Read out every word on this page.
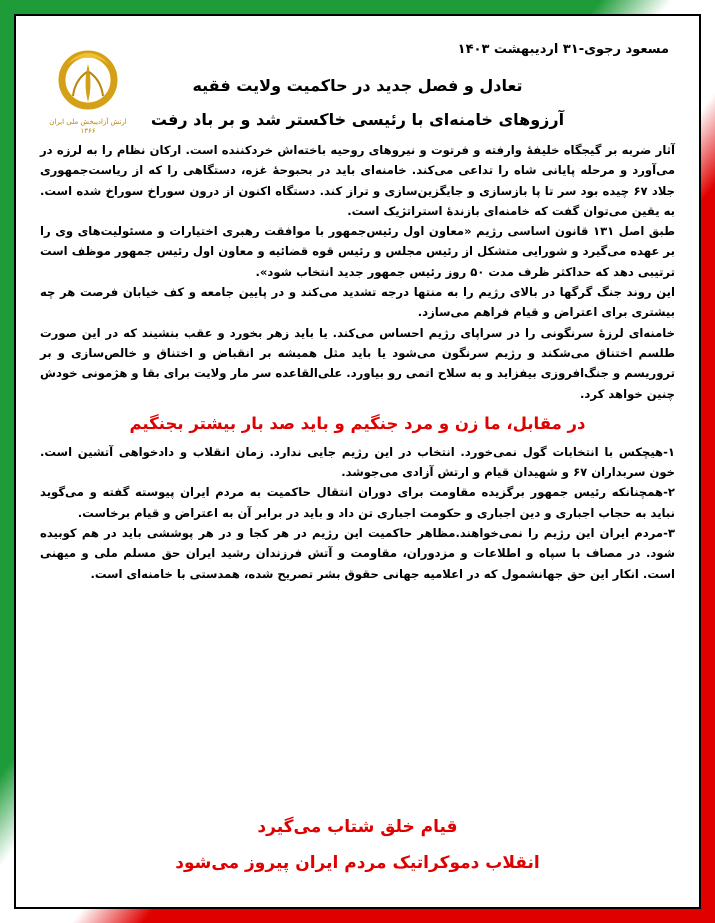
مسعود رجوی-۳۱ اردیبهشت ۱۴۰۳
ارتش آزادیبخش ملی ایران
۱۳۶۶
تعادل و فصل جدید در حاکمیت ولایت فقیه
آرزوهای خامنه‌ای با رئیسی خاکستر شد و بر باد رفت

آثار ضربه بر گیجگاه خلیفهٔ وارفته و فرتوت و نیروهای روحیه باخته‌اش خردکننده است. ارکان نظام را به لرزه در می‌آورد و مرحله پایانی شاه را تداعی می‌کند. خامنه‌ای باید در بحبوحهٔ غزه، دستگاهی را که از ریاست‌جمهوری جلاد ۶۷ چیده بود سر تا پا بازسازی و جایگزین‌سازی و تراز کند. دستگاه اکنون از درون سوراخ سوراخ شده است. به یقین می‌توان گفت که خامنه‌ای بازندهٔ استراتژیک است.

طبق اصل ۱۳۱ قانون اساسی رژیم «معاون اول رئیس‌جمهور با موافقت رهبری اختیارات و مسئولیت‌های وی را بر عهده می‌گیرد و شورایی متشکل از رئیس مجلس و رئیس قوه قضائیه و معاون اول رئیس جمهور موظف است ترتیبی دهد که حداکثر ظرف مدت ۵۰ روز رئیس جمهور جدید انتخاب شود».

این روند جنگ گرگها در بالای رژیم را به منتها درجه تشدید می‌کند و در پایین جامعه و کف خیابان فرصت هر چه بیشتری برای اعتراض و قیام فراهم می‌سازد.

خامنه‌ای لرزهٔ سرنگونی را در سراپای رژیم احساس می‌کند. یا باید زهر بخورد و عقب بنشیند که در این صورت طلسم اختناق می‌شکند و رژیم سرنگون می‌شود یا باید مثل همیشه بر انقباض و اختناق و خالص‌سازی و بر تروریسم و جنگ‌افروزی بیفزاید و به سلاح اتمی رو بیاورد. علی‌القاعده سر مار ولایت برای بقا و هژمونی خودش چنین خواهد کرد.

در مقابل، ما زن و مرد جنگیم و باید صد بار بیشتر بجنگیم

۱-هیچکس با انتخابات گول نمی‌خورد. انتخاب در این رژیم جایی ندارد. زمان انقلاب و دادخواهی آتشین است. خون سربداران ۶۷ و شهیدان قیام و ارتش آزادی می‌جوشد.

۲-همچنانکه رئیس جمهور برگزیده مقاومت برای دوران انتقال حاکمیت به مردم ایران پیوسته گفته و می‌گوید نباید به حجاب اجباری و دین اجباری و حکومت اجباری تن داد و باید در برابر آن به اعتراض و قیام برخاست.

۳-مردم ایران این رژیم را نمی‌خواهند.مظاهر حاکمیت این رژیم در هر کجا و در هر پوششی باید در هم کوبیده شود. در مصاف با سپاه و اطلاعات و مزدوران، مقاومت و آتش فرزندان رشید ایران حق مسلم ملی و میهنی است. انکار این حق جهانشمول که در اعلامیه جهانی حقوق بشر تصریح شده، همدستی با خامنه‌ای است.

قیام خلق شتاب می‌گیرد
انقلاب دموکراتیک مردم ایران پیروز می‌شود
